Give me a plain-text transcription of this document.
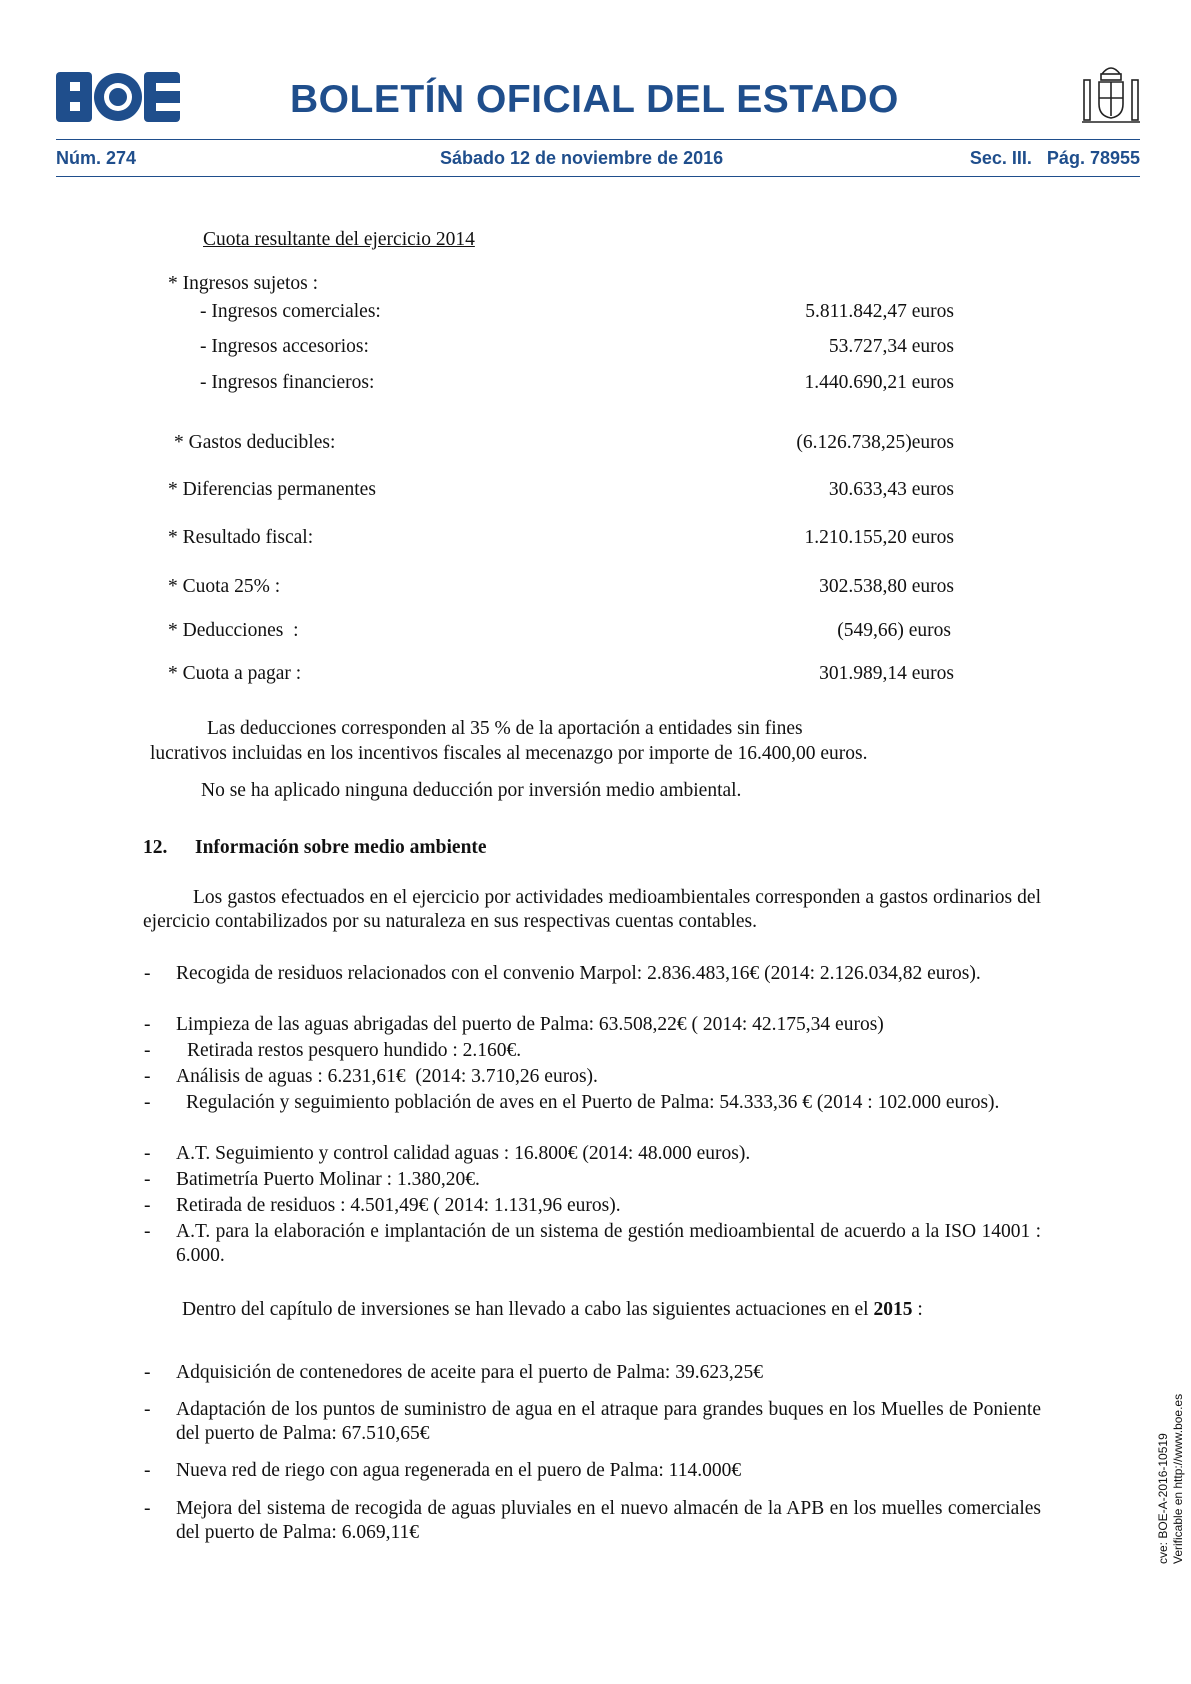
BOLETÍN OFICIAL DEL ESTADO
Núm. 274	Sábado 12 de noviembre de 2016	Sec. III.   Pág. 78955
Cuota resultante del ejercicio 2014
* Ingresos sujetos :
- Ingresos comerciales:	5.811.842,47 euros
- Ingresos accesorios:	53.727,34 euros
- Ingresos financieros:	1.440.690,21 euros
* Gastos deducibles:	(6.126.738,25)euros
* Diferencias permanentes	30.633,43 euros
* Resultado fiscal:	1.210.155,20 euros
* Cuota 25% :	302.538,80 euros
* Deducciones  :	(549,66) euros
* Cuota a pagar :	301.989,14 euros
Las deducciones corresponden al 35 % de la aportación a entidades sin fines
lucrativos incluidas en los incentivos fiscales al mecenazgo por importe de 16.400,00 euros.
No se ha aplicado ninguna deducción por inversión medio ambiental.
12. Información sobre medio ambiente
Los gastos efectuados en el ejercicio por actividades medioambientales corresponden a gastos ordinarios del ejercicio contabilizados por su naturaleza en sus respectivas cuentas contables.
- Recogida de residuos relacionados con el convenio Marpol: 2.836.483,16€ (2014: 2.126.034,82 euros).
- Limpieza de las aguas abrigadas del puerto de Palma: 63.508,22€ ( 2014: 42.175,34 euros)
- Retirada restos pesquero hundido : 2.160€.
- Análisis de aguas : 6.231,61€  (2014: 3.710,26 euros).
-	Regulación y seguimiento población de aves en el Puerto de Palma: 54.333,36 € (2014 : 102.000 euros).
- A.T. Seguimiento y control calidad aguas : 16.800€ (2014: 48.000 euros).
- Batimetría Puerto Molinar : 1.380,20€.
- Retirada de residuos : 4.501,49€ ( 2014: 1.131,96 euros).
- A.T. para la elaboración e implantación de un sistema de gestión medioambiental de acuerdo a la ISO 14001 : 6.000.
Dentro del capítulo de inversiones se han llevado a cabo las siguientes actuaciones en el 2015 :
- Adquisición de contenedores de aceite para el puerto de Palma: 39.623,25€
- Adaptación de los puntos de suministro de agua en el atraque para grandes buques en los Muelles de Poniente del puerto de Palma: 67.510,65€
- Nueva red de riego con agua regenerada en el puero de Palma: 114.000€
- Mejora del sistema de recogida de aguas pluviales en el nuevo almacén de la APB en los muelles comerciales del puerto de Palma: 6.069,11€	cve: BOE-A-2016-10519 Verificable en http://www.boe.es
